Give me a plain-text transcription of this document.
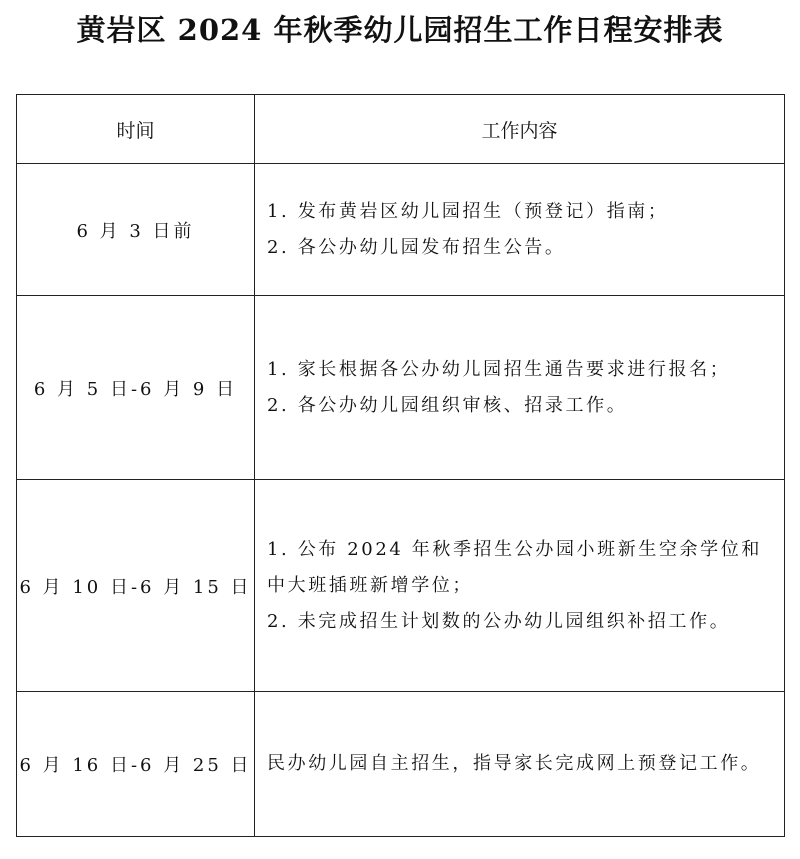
黄岩区 2024 年秋季幼儿园招生工作日程安排表
时间	工作内容
6 月 3 日前	1. 发布黄岩区幼儿园招生（预登记）指南；
2. 各公办幼儿园发布招生公告。

6 月 5 日-6 月 9 日	1. 家长根据各公办幼儿园招生通告要求进行报名；
2. 各公办幼儿园组织审核、招录工作。

6 月 10 日-6 月 15 日	1. 公布 2024 年秋季招生公办园小班新生空余学位和中大班插班新增学位；
2. 未完成招生计划数的公办幼儿园组织补招工作。

6 月 16 日-6 月 25 日	民办幼儿园自主招生，指导家长完成网上预登记工作。
